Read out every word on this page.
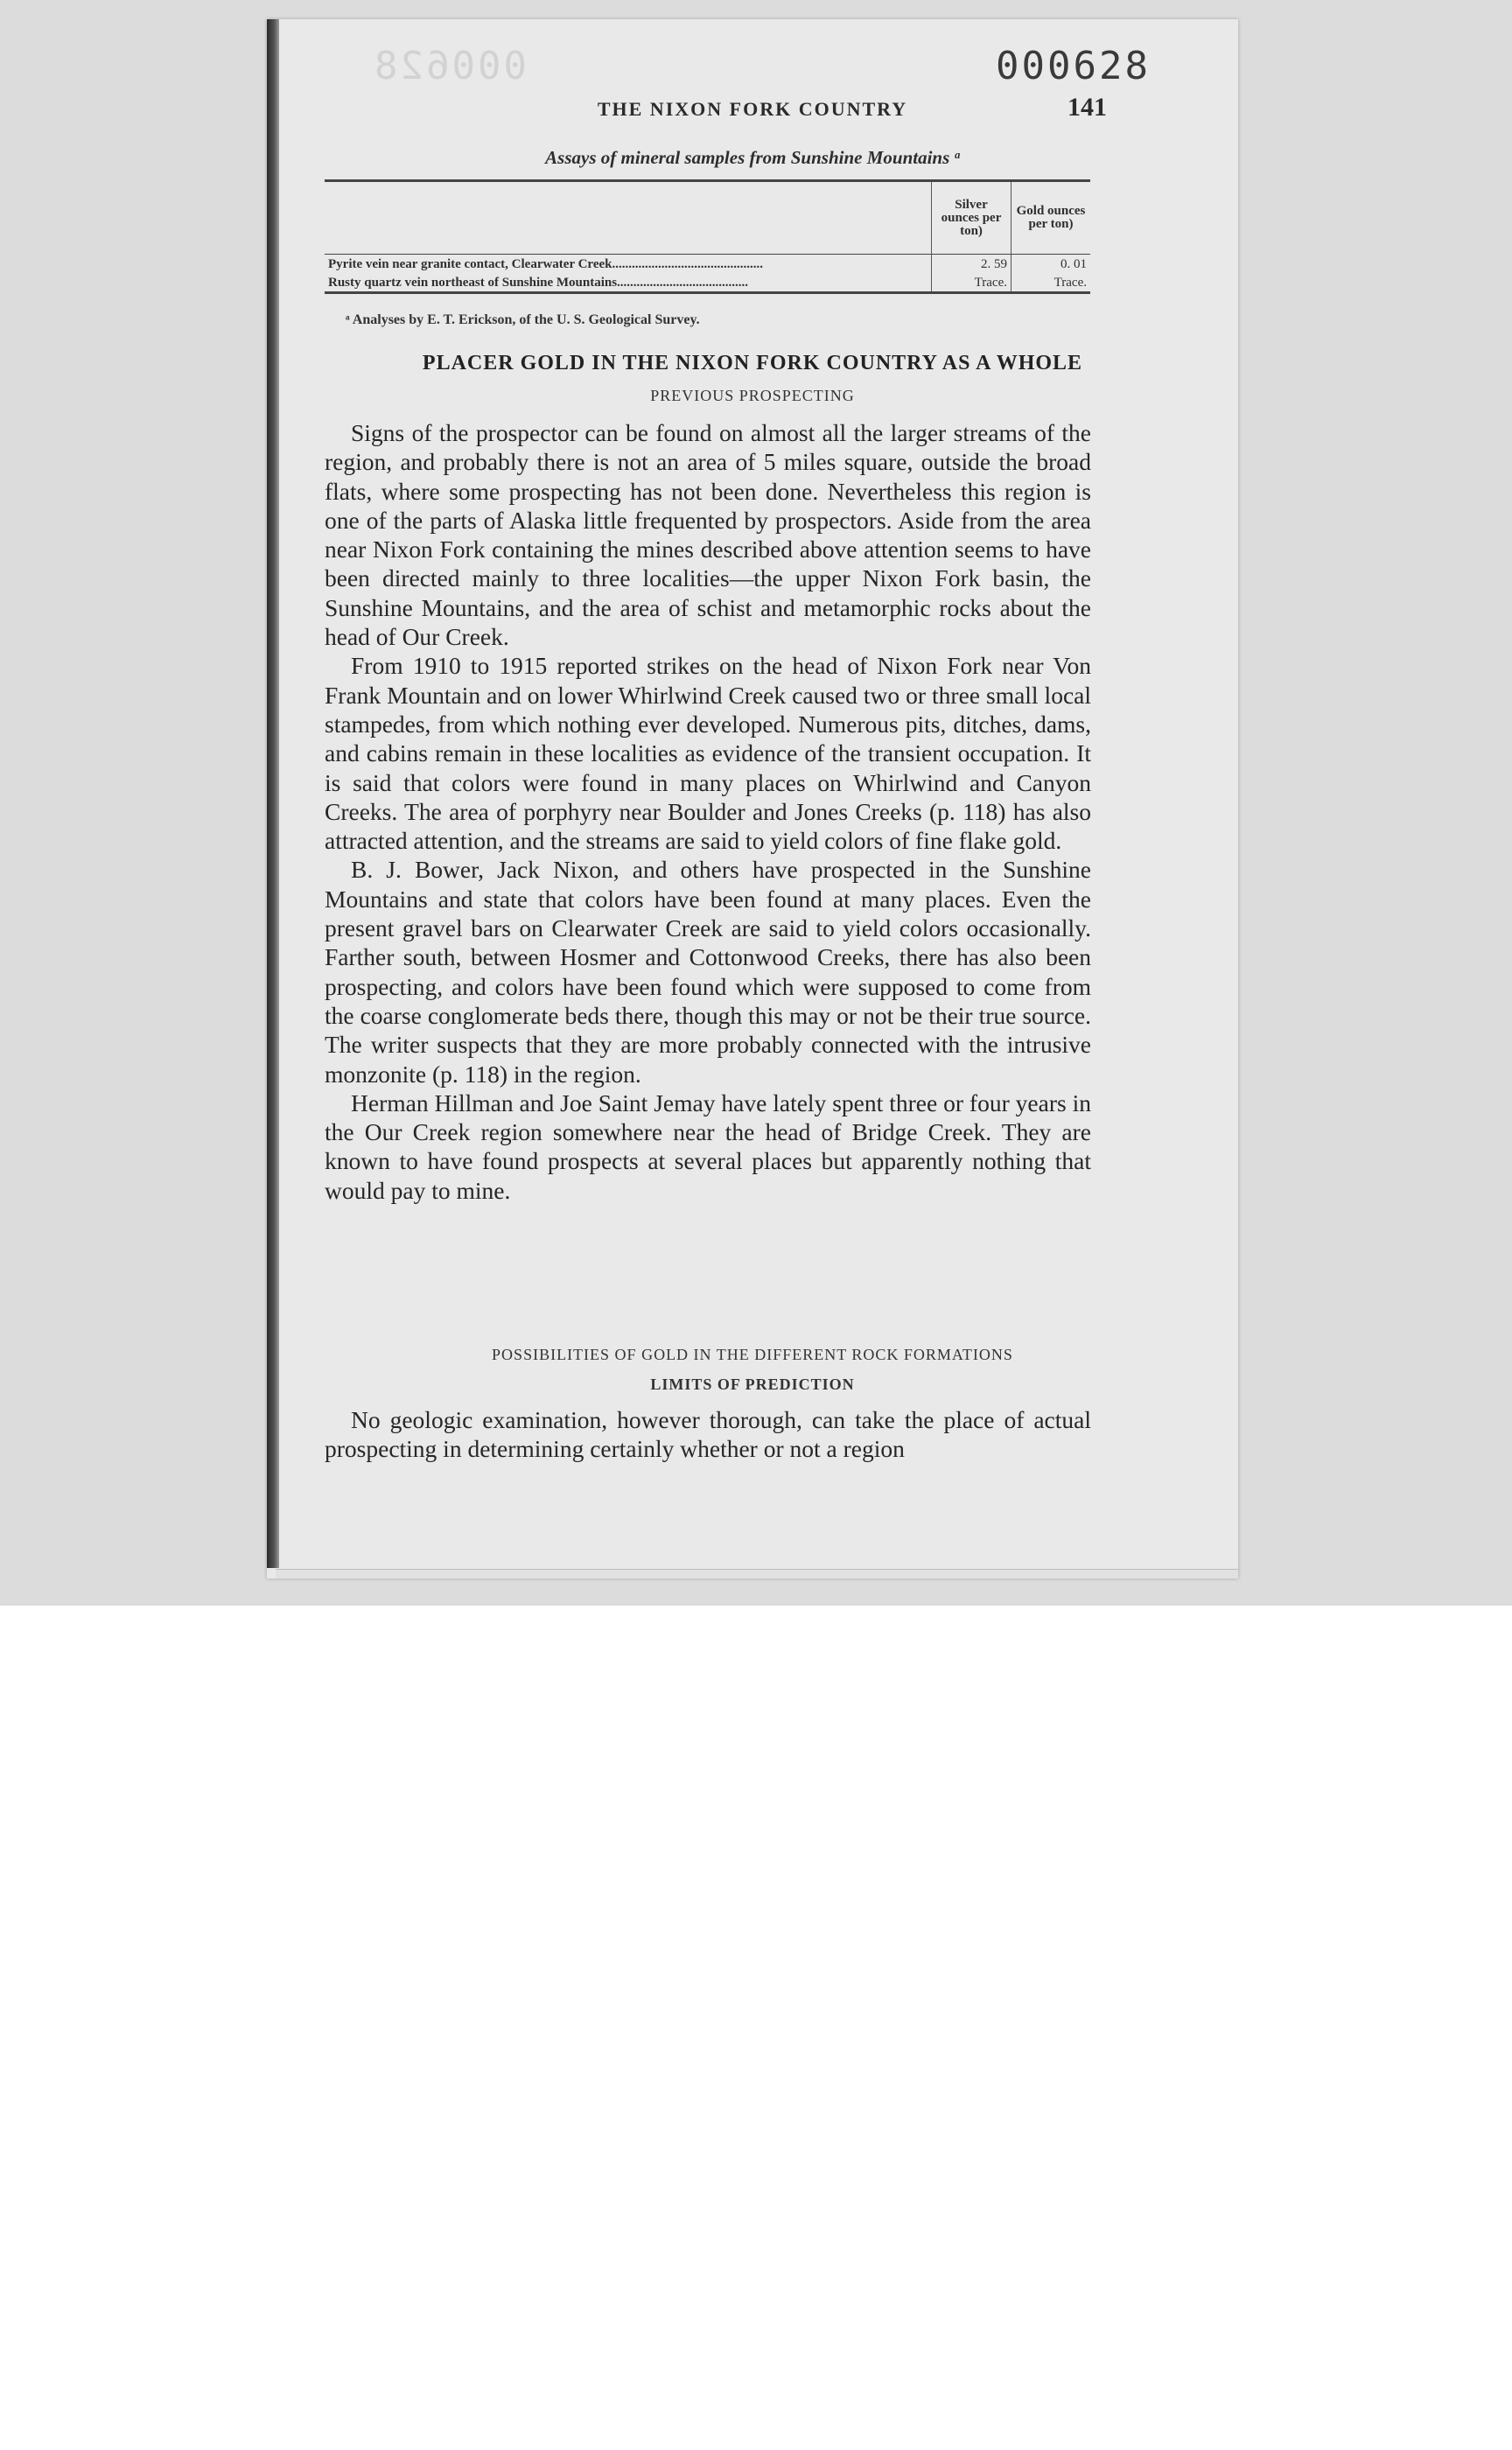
000628	000628
THE NIXON FORK COUNTRY	141
Assays of mineral samples from Sunshine Mountains ᵃ
	Silver ounces per ton)	Gold ounces per ton)
Pyrite vein near granite contact, Clearwater Creek..............................................	2. 59	0. 01
Rusty quartz vein northeast of Sunshine Mountains........................................	Trace.	Trace.
ᵃ Analyses by E. T. Erickson, of the U. S. Geological Survey.
PLACER GOLD IN THE NIXON FORK COUNTRY AS A WHOLE
PREVIOUS PROSPECTING

Signs of the prospector can be found on almost all the larger streams of the region, and probably there is not an area of 5 miles square, outside the broad flats, where some prospecting has not been done. Nevertheless this region is one of the parts of Alaska little frequented by prospectors. Aside from the area near Nixon Fork containing the mines described above attention seems to have been directed mainly to three localities—the upper Nixon Fork basin, the Sunshine Mountains, and the area of schist and metamorphic rocks about the head of Our Creek.

From 1910 to 1915 reported strikes on the head of Nixon Fork near Von Frank Mountain and on lower Whirlwind Creek caused two or three small local stampedes, from which nothing ever developed. Numerous pits, ditches, dams, and cabins remain in these localities as evidence of the transient occupation. It is said that colors were found in many places on Whirlwind and Canyon Creeks. The area of porphyry near Boulder and Jones Creeks (p. 118) has also attracted attention, and the streams are said to yield colors of fine flake gold.

B. J. Bower, Jack Nixon, and others have prospected in the Sunshine Mountains and state that colors have been found at many places. Even the present gravel bars on Clearwater Creek are said to yield colors occasionally. Farther south, between Hosmer and Cottonwood Creeks, there has also been prospecting, and colors have been found which were supposed to come from the coarse conglomerate beds there, though this may or not be their true source. The writer suspects that they are more probably connected with the intrusive monzonite (p. 118) in the region.

Herman Hillman and Joe Saint Jemay have lately spent three or four years in the Our Creek region somewhere near the head of Bridge Creek. They are known to have found prospects at several places but apparently nothing that would pay to mine.

POSSIBILITIES OF GOLD IN THE DIFFERENT ROCK FORMATIONS
LIMITS OF PREDICTION

No geologic examination, however thorough, can take the place of actual prospecting in determining certainly whether or not a region
